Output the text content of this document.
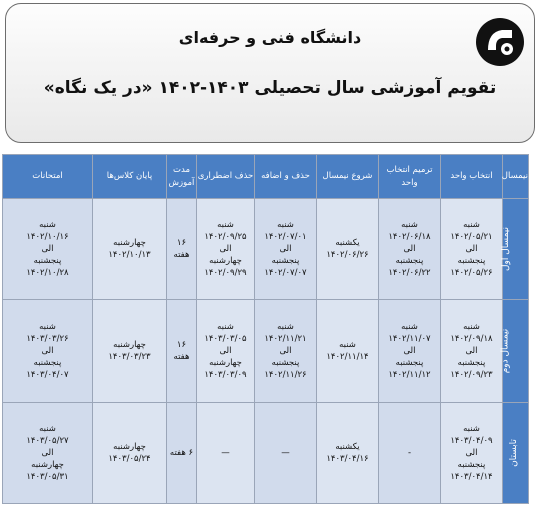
دانشگاه فنی و حرفه‌ای
تقویم آموزشی سال تحصیلی ۱۴۰۳-۱۴۰۲ «در یک نگاه»
نیمسال	انتخاب واحد	ترمیم انتخاب واحد	شروع نیمسال	حذف و اضافه	حذف اضطراری	مدت آموزش	پایان کلاس‌ها	امتحانات
نیمسال اول	شنبه
۱۴۰۲/۰۵/۲۱
الی
پنجشنبه
۱۴۰۲/۰۵/۲۶	شنبه
۱۴۰۲/۰۶/۱۸
الی
پنجشنبه
۱۴۰۲/۰۶/۲۲	یکشنبه
۱۴۰۲/۰۶/۲۶	شنبه
۱۴۰۲/۰۷/۰۱
الی
پنجشنبه
۱۴۰۲/۰۷/۰۷	شنبه
۱۴۰۲/۰۹/۲۵
الی
چهارشنبه
۱۴۰۲/۰۹/۲۹	۱۶
هفته	چهارشنبه
۱۴۰۲/۱۰/۱۳	شنبه
۱۴۰۲/۱۰/۱۶
الی
پنجشنبه
۱۴۰۲/۱۰/۲۸

نیمسال دوم	شنبه
۱۴۰۲/۰۹/۱۸
الی
پنجشنبه
۱۴۰۲/۰۹/۲۳	شنبه
۱۴۰۲/۱۱/۰۷
الی
پنجشنبه
۱۴۰۲/۱۱/۱۲	شنبه
۱۴۰۲/۱۱/۱۴	شنبه
۱۴۰۲/۱۱/۲۱
الی
پنجشنبه
۱۴۰۲/۱۱/۲۶	شنبه
۱۴۰۳/۰۳/۰۵
الی
چهارشنبه
۱۴۰۳/۰۳/۰۹	۱۶
هفته	چهارشنبه
۱۴۰۳/۰۳/۲۳	شنبه
۱۴۰۳/۰۳/۲۶
الی
پنجشنبه
۱۴۰۳/۰۴/۰۷

تابستان	شنبه
۱۴۰۳/۰۴/۰۹
الی
پنجشنبه
۱۴۰۳/۰۴/۱۴	-	یکشنبه
۱۴۰۳/۰۴/۱۶	—	—	۶ هفته	چهارشنبه
۱۴۰۳/۰۵/۲۴	شنبه
۱۴۰۳/۰۵/۲۷
الی
چهارشنبه
۱۴۰۳/۰۵/۳۱
